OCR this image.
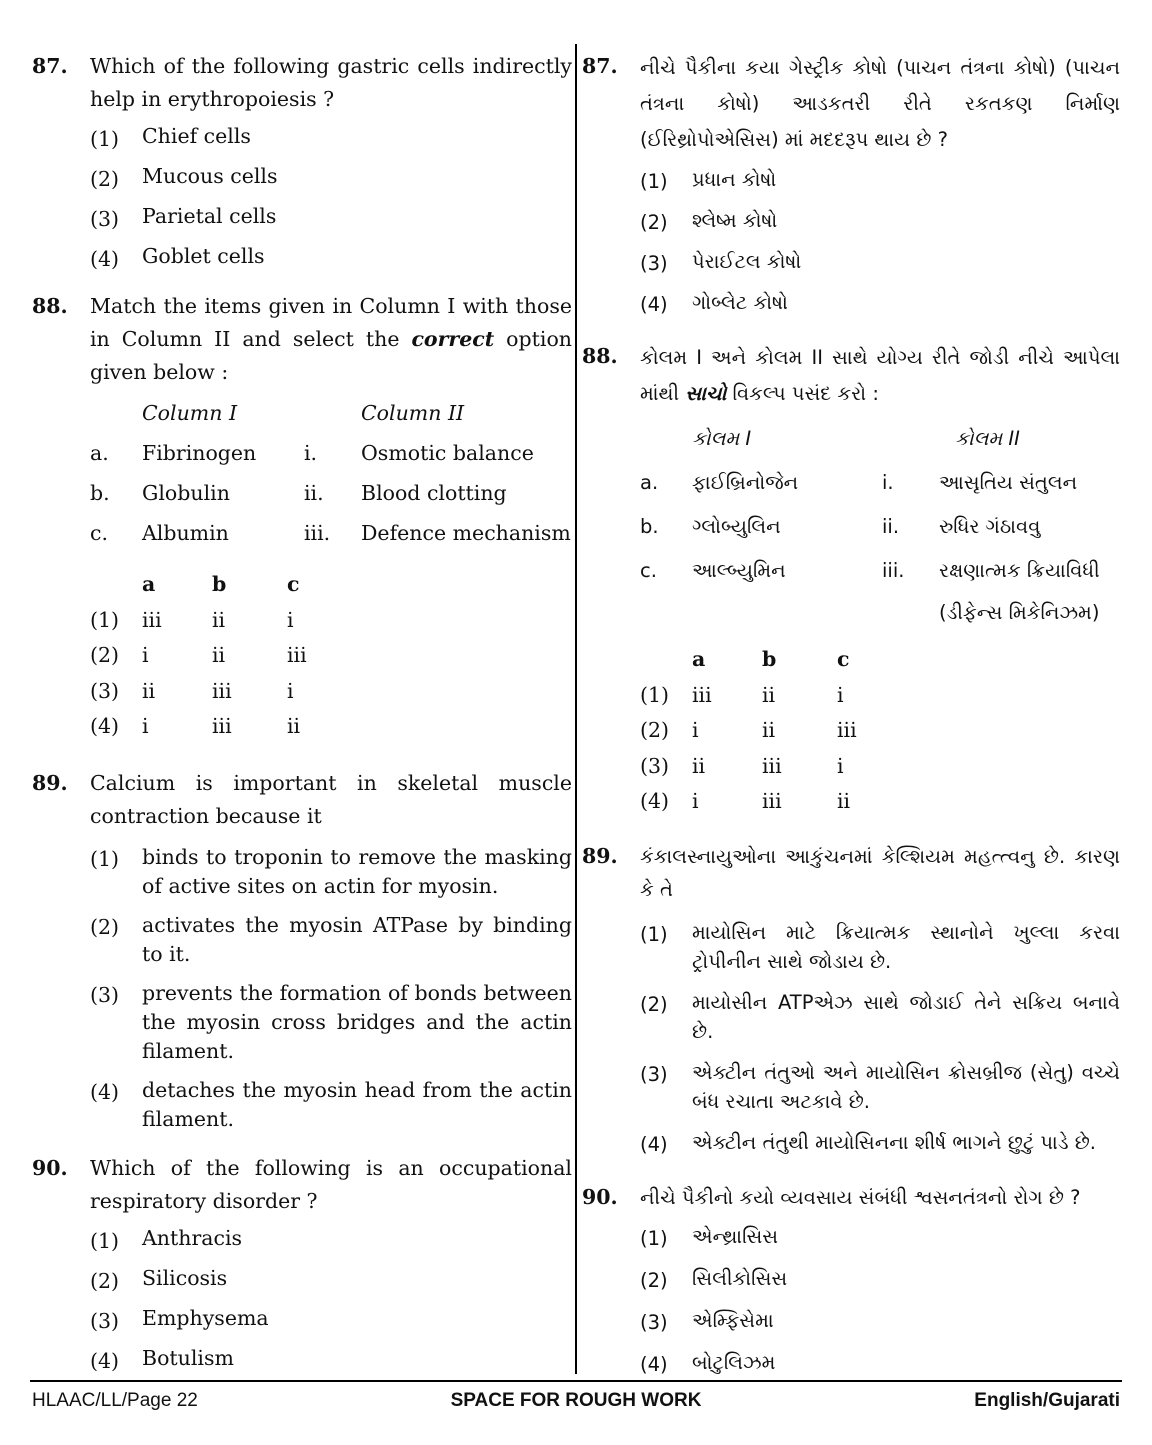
87. Which of the following gastric cells indirectly help in erythropoiesis ?
(1)	Chief cells
(2)	Mucous cells
(3)	Parietal cells
(4)	Goblet cells
88. Match the items given in Column I with those in Column II and select the correct option given below :
Column I	Column II
a.	Fibrinogen	i.	Osmotic balance
b.	Globulin	ii.	Blood clotting
c.	Albumin	iii.	Defence mechanism
a	b	c
(1)	iii	ii	i
(2)	i	ii	iii
(3)	ii	iii	i
(4)	i	iii	ii
89. Calcium is important in skeletal muscle contraction because it
(1)	binds to troponin to remove the masking of active sites on actin for myosin.
(2)	activates the myosin ATPase by binding to it.
(3)	prevents the formation of bonds between the myosin cross bridges and the actin filament.
(4)	detaches the myosin head from the actin filament.
90. Which of the following is an occupational respiratory disorder ?
(1)	Anthracis
(2)	Silicosis
(3)	Emphysema
(4)	Botulism
87. નીચે પૈકીના કયા ગેસ્ટ્રીક કોષો (પાચન તંત્રના કોષો) (પાચન તંત્રના કોષો) આડકતરી રીતે રકતકણ નિર્માણ (ઈરિથ્રોપોએસિસ) માં મદદરૂપ થાય છે ?
(1)	પ્રધાન કોષો
(2)	શ્લેષ્મ કોષો
(3)	પેરાઈટલ કોષો
(4)	ગોબ્લેટ કોષો
88. કોલમ I અને કોલમ II સાથે યોગ્ય રીતે જોડી નીચે આપેલા માંથી સાચો વિકલ્પ પસંદ કરો :
કોલમ I	કોલમ II
a.	ફાઈબ્રિનોજેન	i.	આસૃતિય સંતુલન
b.	ગ્લોબ્યુલિન	ii.	રુધિર ગંઠાવવુ
c.	આલ્બ્યુમિન	iii.	રક્ષણાત્મક ક્રિયાવિધી
(ડીફેન્સ મિકેનિઝમ)
a	b	c
(1)	iii	ii	i
(2)	i	ii	iii
(3)	ii	iii	i
(4)	i	iii	ii
89. કંકાલસ્નાયુઓના આકુંચનમાં કેલ્શિયમ મહત્ત્વનુ છે. કારણ કે તે
(1)	માયોસિન માટે ક્રિયાત્મક સ્થાનોને ખુલ્લા કરવા ટ્રોપીનીન સાથે જોડાય છે.
(2)	માયોસીન ATPએઝ સાથે જોડાઈ તેને સક્રિય બનાવે છે.
(3)	એક્ટીન તંતુઓ અને માયોસિન ક્રોસબ્રીજ (સેતુ) વચ્ચે બંધ રચાતા અટકાવે છે.
(4)	એક્ટીન તંતુથી માયોસિનના શીર્ષ ભાગને છુટું પાડે છે.
90. નીચે પૈકીનો કયો વ્યવસાય સંબંધી શ્વસનતંત્રનો રોગ છે ?
(1)	એન્થ્રાસિસ
(2)	સિલીકોસિસ
(3)	એમ્ફિસેમા
(4)	બોટુલિઝમ
HLAAC/LL/Page 22	SPACE FOR ROUGH WORK	English/Gujarati
